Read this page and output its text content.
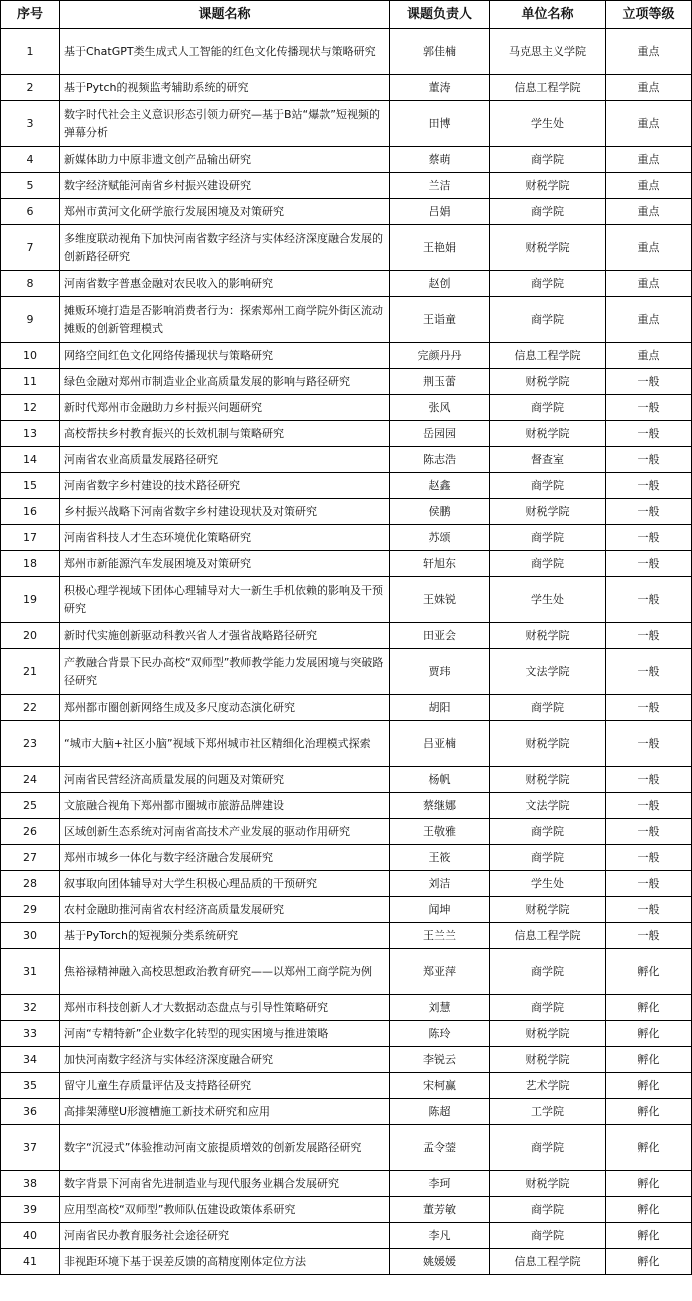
序号	课题名称	课题负责人	单位名称	立项等级
1	基于ChatGPT类生成式人工智能的红色文化传播现状与策略研究	郭佳楠	马克思主义学院	重点
2	基于Pytch的视频监考辅助系统的研究	董涛	信息工程学院	重点
3	数字时代社会主义意识形态引领力研究—基于B站“爆款”短视频的弹幕分析	田博	学生处	重点
4	新媒体助力中原非遗文创产品输出研究	蔡萌	商学院	重点
5	数字经济赋能河南省乡村振兴建设研究	兰洁	财税学院	重点
6	郑州市黄河文化研学旅行发展困境及对策研究	吕娟	商学院	重点
7	多维度联动视角下加快河南省数字经济与实体经济深度融合发展的创新路径研究	王艳娟	财税学院	重点
8	河南省数字普惠金融对农民收入的影响研究	赵创	商学院	重点
9	摊贩环境打造是否影响消费者行为：探索郑州工商学院外街区流动摊贩的创新管理模式	王诣童	商学院	重点
10	网络空间红色文化网络传播现状与策略研究	完颜丹丹	信息工程学院	重点
11	绿色金融对郑州市制造业企业高质量发展的影响与路径研究	荆玉蕾	财税学院	一般
12	新时代郑州市金融助力乡村振兴问题研究	张风	商学院	一般
13	高校帮扶乡村教育振兴的长效机制与策略研究	岳园园	财税学院	一般
14	河南省农业高质量发展路径研究	陈志浩	督查室	一般
15	河南省数字乡村建设的技术路径研究	赵鑫	商学院	一般
16	乡村振兴战略下河南省数字乡村建设现状及对策研究	侯鹏	财税学院	一般
17	河南省科技人才生态环境优化策略研究	苏颂	商学院	一般
18	郑州市新能源汽车发展困境及对策研究	轩旭东	商学院	一般
19	积极心理学视域下团体心理辅导对大一新生手机依赖的影响及干预研究	王姝锐	学生处	一般
20	新时代实施创新驱动科教兴省人才强省战略路径研究	田亚会	财税学院	一般
21	产教融合背景下民办高校“双师型”教师教学能力发展困境与突破路径研究	贾玮	文法学院	一般
22	郑州都市圈创新网络生成及多尺度动态演化研究	胡阳	商学院	一般
23	“城市大脑+社区小脑”视域下郑州城市社区精细化治理模式探索	吕亚楠	财税学院	一般
24	河南省民营经济高质量发展的问题及对策研究	杨帆	财税学院	一般
25	文旅融合视角下郑州都市圈城市旅游品牌建设	蔡继娜	文法学院	一般
26	区域创新生态系统对河南省高技术产业发展的驱动作用研究	王敬雅	商学院	一般
27	郑州市城乡一体化与数字经济融合发展研究	王筱	商学院	一般
28	叙事取向团体辅导对大学生积极心理品质的干预研究	刘洁	学生处	一般
29	农村金融助推河南省农村经济高质量发展研究	闻坤	财税学院	一般
30	基于PyTorch的短视频分类系统研究	王兰兰	信息工程学院	一般
31	焦裕禄精神融入高校思想政治教育研究——以郑州工商学院为例	郑亚萍	商学院	孵化
32	郑州市科技创新人才大数据动态盘点与引导性策略研究	刘慧	商学院	孵化
33	河南“专精特新”企业数字化转型的现实困境与推进策略	陈玲	财税学院	孵化
34	加快河南数字经济与实体经济深度融合研究	李锐云	财税学院	孵化
35	留守儿童生存质量评估及支持路径研究	宋柯赢	艺术学院	孵化
36	高排架薄壁U形渡槽施工新技术研究和应用	陈超	工学院	孵化
37	数字“沉浸式”体验推动河南文旅提质增效的创新发展路径研究	孟令蓥	商学院	孵化
38	数字背景下河南省先进制造业与现代服务业耦合发展研究	李珂	财税学院	孵化
39	应用型高校“双师型”教师队伍建设政策体系研究	董芳敏	商学院	孵化
40	河南省民办教育服务社会途径研究	李凡	商学院	孵化
41	非视距环境下基于误差反馈的高精度刚体定位方法	姚媛媛	信息工程学院	孵化
